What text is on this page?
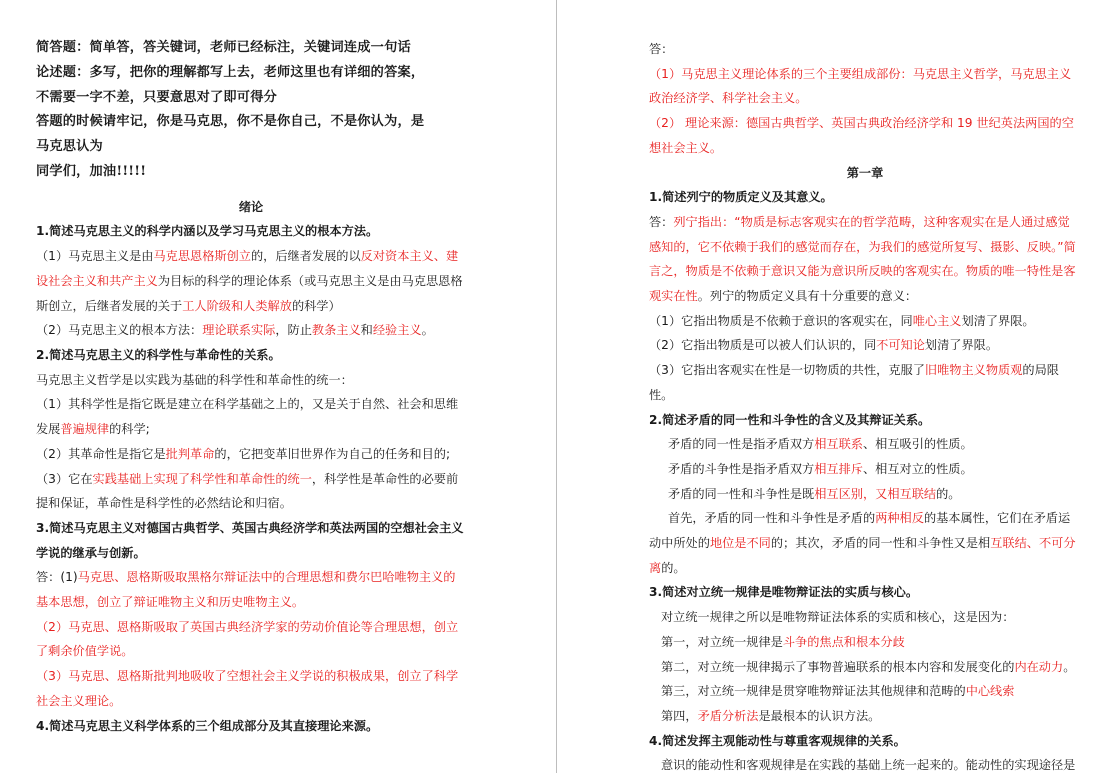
简答题：简单答，答关键词，老师已经标注，关键词连成一句话
论述题：多写，把你的理解都写上去，老师这里也有详细的答案，
不需要一字不差，只要意思对了即可得分
答题的时候请牢记，你是马克思，你不是你自己，不是你认为，是
马克思认为
同学们，加油!!!!!
绪论
1.简述马克思主义的科学内涵以及学习马克思主义的根本方法。
（1）马克思主义是由马克思恩格斯创立的，后继者发展的以反对资本主义、建设社会主义和共产主义为目标的科学的理论体系（或马克思主义是由马克思恩格斯创立，后继者发展的关于工人阶级和人类解放的科学）
（2）马克思主义的根本方法：理论联系实际，防止教条主义和经验主义。
2.简述马克思主义的科学性与革命性的关系。
马克思主义哲学是以实践为基础的科学性和革命性的统一：
（1）其科学性是指它既是建立在科学基础之上的，又是关于自然、社会和思维发展普遍规律的科学;
（2）其革命性是指它是批判革命的，它把变革旧世界作为自己的任务和目的;
（3）它在实践基础上实现了科学性和革命性的统一，科学性是革命性的必要前提和保证，革命性是科学性的必然结论和归宿。
3.简述马克思主义对德国古典哲学、英国古典经济学和英法两国的空想社会主义学说的继承与创新。
答：(1)马克思、恩格斯吸取黑格尔辩证法中的合理思想和费尔巴哈唯物主义的基本思想，创立了辩证唯物主义和历史唯物主义。
（2）马克思、恩格斯吸取了英国古典经济学家的劳动价值论等合理思想，创立了剩余价值学说。
（3）马克思、恩格斯批判地吸收了空想社会主义学说的积极成果，创立了科学社会主义理论。
4.简述马克思主义科学体系的三个组成部分及其直接理论来源。
答：
（1）马克思主义理论体系的三个主要组成部份：马克思主义哲学，马克思主义政治经济学、科学社会主义。
（2） 理论来源：德国古典哲学、英国古典政治经济学和 19 世纪英法两国的空想社会主义。
第一章
1.简述列宁的物质定义及其意义。
答：列宁指出：“物质是标志客观实在的哲学范畴，这种客观实在是人通过感觉感知的，它不依赖于我们的感觉而存在，为我们的感觉所复写、摄影、反映。”简言之，物质是不依赖于意识又能为意识所反映的客观实在。物质的唯一特性是客观实在性。列宁的物质定义具有十分重要的意义：
（1）它指出物质是不依赖于意识的客观实在，同唯心主义划清了界限。
（2）它指出物质是可以被人们认识的，同不可知论划清了界限。
（3）它指出客观实在性是一切物质的共性，克服了旧唯物主义物质观的局限性。
2.简述矛盾的同一性和斗争性的含义及其辩证关系。
矛盾的同一性是指矛盾双方相互联系、相互吸引的性质。
矛盾的斗争性是指矛盾双方相互排斥、相互对立的性质。
矛盾的同一性和斗争性是既相互区别，又相互联结的。
首先，矛盾的同一性和斗争性是矛盾的两种相反的基本属性，它们在矛盾运动中所处的地位是不同的；其次，矛盾的同一性和斗争性又是相互联结、不可分离的。
3.简述对立统一规律是唯物辩证法的实质与核心。
对立统一规律之所以是唯物辩证法体系的实质和核心，这是因为：
第一，对立统一规律是斗争的焦点和根本分歧
第二，对立统一规律揭示了事物普遍联系的根本内容和发展变化的内在动力。
第三，对立统一规律是贯穿唯物辩证法其他规律和范畴的中心线索
第四，矛盾分析法是最根本的认识方法。
4.简述发挥主观能动性与尊重客观规律的关系。
意识的能动性和客观规律是在实践的基础上统一起来的。能动性的实现途径是
